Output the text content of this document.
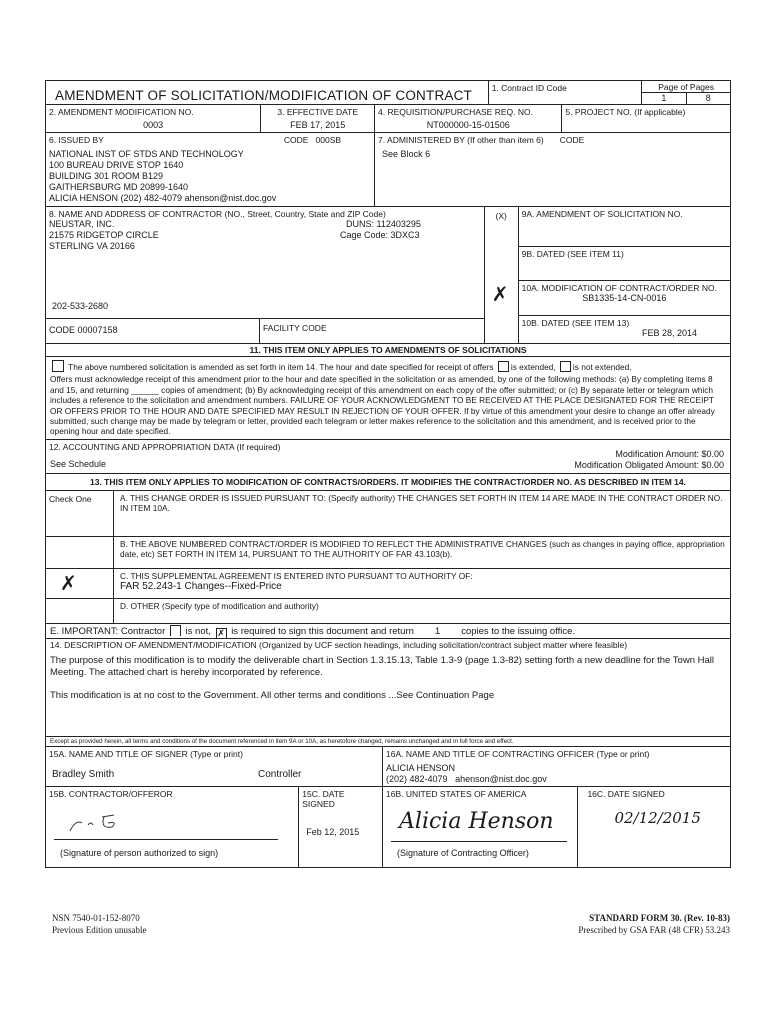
AMENDMENT OF SOLICITATION/MODIFICATION OF CONTRACT	1. Contract ID Code	Page of Pages
1	8
2. AMENDMENT MODIFICATION NO.
0003
3. EFFECTIVE DATE
FEB 17, 2015
4. REQUISITION/PURCHASE REQ. NO.
NT000000-15-01506
5. PROJECT NO. (If applicable)
6. ISSUED BY	CODE 000SB
NATIONAL INST OF STDS AND TECHNOLOGY
100 BUREAU DRIVE STOP 1640
BUILDING 301 ROOM B129
GAITHERSBURG MD 20899-1640
ALICIA HENSON (202) 482-4079 ahenson@nist.doc.gov
7. ADMINISTERED BY (If other than item 6) CODE
See Block 6
8. NAME AND ADDRESS OF CONTRACTOR (NO., Street, Country, State and ZIP Code)
NEUSTAR, INC.
21575 RIDGETOP CIRCLE
STERLING VA 20166
DUNS: 112403295
Cage Code: 3DXC3
202-533-2680
CODE 00007158	FACILITY CODE
(X)
✗
9A. AMENDMENT OF SOLICITATION NO.
9B. DATED (SEE ITEM 11)
10A. MODIFICATION OF CONTRACT/ORDER NO.
SB1335-14-CN-0016
10B. DATED (SEE ITEM 13)
FEB 28, 2014
11. THIS ITEM ONLY APPLIES TO AMENDMENTS OF SOLICITATIONS
The above numbered solicitation is amended as set forth in item 14. The hour and date specified for receipt of offers is extended, is not extended.
Offers must acknowledge receipt of this amendment prior to the hour and date specified in the solicitation or as amended, by one of the following methods: (a) By completing items 8 and 15, and returning ______ copies of amendment; (b) By acknowledging receipt of this amendment on each copy of the offer submitted; or (c) By separate letter or telegram which includes a reference to the solicitation and amendment numbers. FAILURE OF YOUR ACKNOWLEDGMENT TO BE RECEIVED AT THE PLACE DESIGNATED FOR THE RECEIPT OR OFFERS PRIOR TO THE HOUR AND DATE SPECIFIED MAY RESULT IN REJECTION OF YOUR OFFER. If by virtue of this amendment your desire to change an offer already submitted, such change may be made by telegram or letter, provided each telegram or letter makes reference to the solicitation and this amendment, and is received prior to the opening hour and date specified.
12. ACCOUNTING AND APPROPRIATION DATA (If required)
See Schedule
Modification Amount: $0.00
Modification Obligated Amount: $0.00
13. THIS ITEM ONLY APPLIES TO MODIFICATION OF CONTRACTS/ORDERS. IT MODIFIES THE CONTRACT/ORDER NO. AS DESCRIBED IN ITEM 14.
Check One	A. THIS CHANGE ORDER IS ISSUED PURSUANT TO: (Specify authority) THE CHANGES SET FORTH IN ITEM 14 ARE MADE IN THE CONTRACT ORDER NO. IN ITEM 10A.
B. THE ABOVE NUMBERED CONTRACT/ORDER IS MODIFIED TO REFLECT THE ADMINISTRATIVE CHANGES (such as changes in paying office, appropriation date, etc) SET FORTH IN ITEM 14, PURSUANT TO THE AUTHORITY OF FAR 43.103(b).
✗	C. THIS SUPPLEMENTAL AGREEMENT IS ENTERED INTO PURSUANT TO AUTHORITY OF:
FAR 52.243-1 Changes--Fixed-Price
D. OTHER (Specify type of modification and authority)
E. IMPORTANT: Contractor is not, ✗ is required to sign this document and return 1 copies to the issuing office.
14. DESCRIPTION OF AMENDMENT/MODIFICATION (Organized by UCF section headings, including solicitation/contract subject matter where feasible)
The purpose of this modification is to modify the deliverable chart in Section 1.3.15.13, Table 1.3-9 (page 1.3-82) setting forth a new deadline for the Town Hall Meeting. The attached chart is hereby incorporated by reference.
This modification is at no cost to the Government. All other terms and conditions ...See Continuation Page
Except as provided herein, all terms and conditions of the document referenced in item 9A or 10A, as heretofore changed, remains unchanged and in full force and effect.
15A. NAME AND TITLE OF SIGNER (Type or print)
Bradley Smith	Controller
16A. NAME AND TITLE OF CONTRACTING OFFICER (Type or print)
ALICIA HENSON
(202) 482-4079 ahenson@nist.doc.gov
15B. CONTRACTOR/OFFEROR
(Signature of person authorized to sign)
15C. DATE SIGNED
Feb 12, 2015
16B. UNITED STATES OF AMERICA
Alicia Henson
(Signature of Contracting Officer)
16C. DATE SIGNED
02/12/2015
NSN 7540-01-152-8070
Previous Edition unusable
STANDARD FORM 30. (Rev. 10-83)
Prescribed by GSA FAR (48 CFR) 53.243
